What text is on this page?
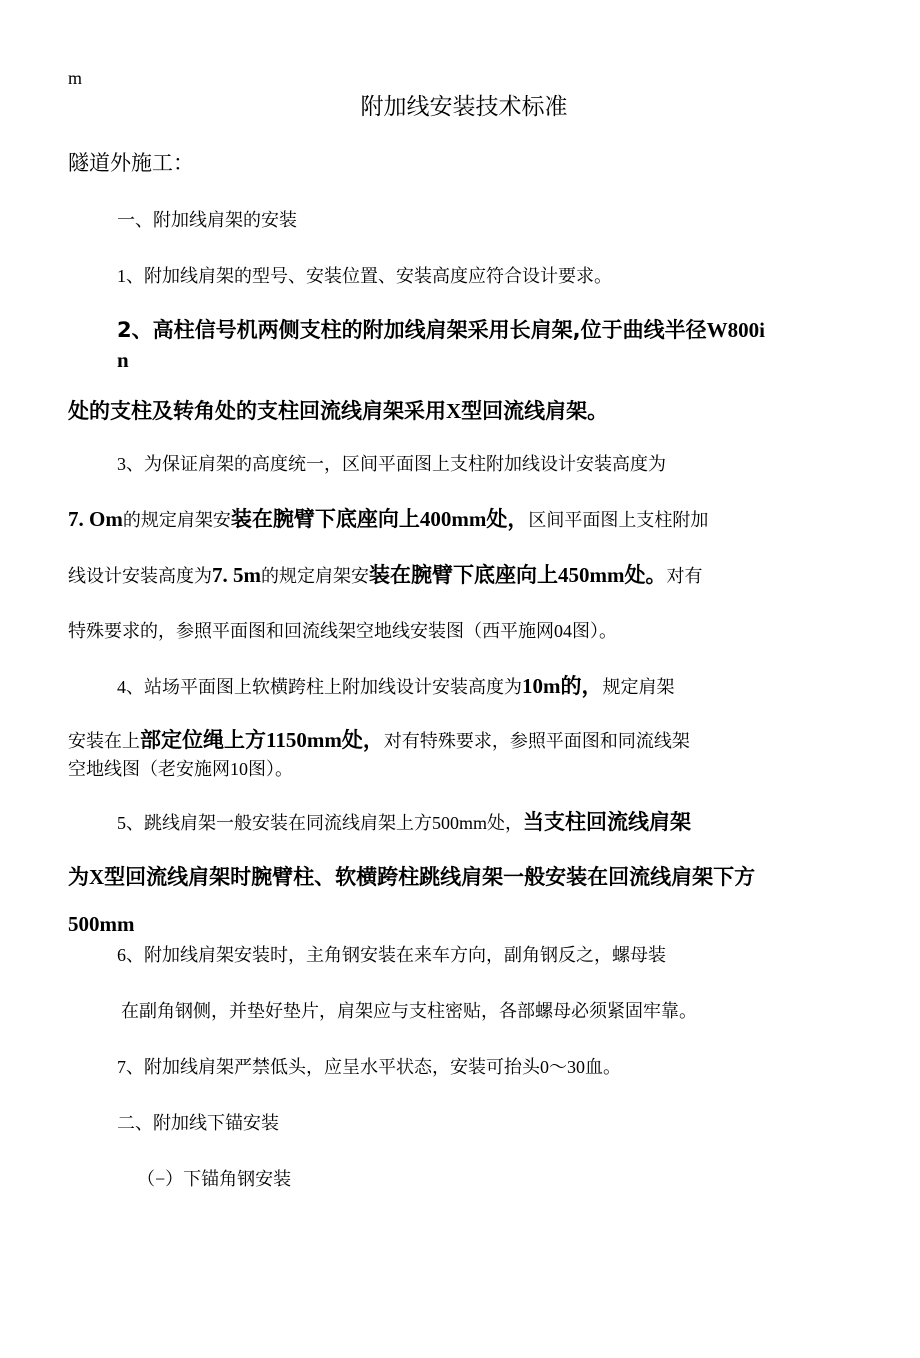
m
附加线安装技术标准
隧道外施工：
一、附加线肩架的安装
1、附加线肩架的型号、安装位置、安装高度应符合设计要求。
2、高柱信号机两侧支柱的附加线肩架采用长肩架,位于曲线半径W800i
n
处的支柱及转角处的支柱回流线肩架采用X型回流线肩架。
3、为保证肩架的高度统一，区间平面图上支柱附加线设计安装高度为
7. Om的规定肩架安装在腕臂下底座向上400mm处，区间平面图上支柱附加
线设计安装高度为7. 5m的规定肩架安装在腕臂下底座向上450mm处。对有
特殊要求的，参照平面图和回流线架空地线安装图（西平施网04图）。
4、站场平面图上软横跨柱上附加线设计安装高度为10m的，规定肩架
安装在上部定位绳上方1150mm处，对有特殊要求，参照平面图和同流线架
空地线图（老安施网10图）。
5、跳线肩架一般安装在同流线肩架上方500mm处，当支柱回流线肩架
为X型回流线肩架时腕臂柱、软横跨柱跳线肩架一般安装在回流线肩架下方
500mm
6、附加线肩架安装时，主角钢安装在来车方向，副角钢反之，螺母装
在副角钢侧，并垫好垫片，肩架应与支柱密贴，各部螺母必须紧固牢靠。
7、附加线肩架严禁低头，应呈水平状态，安装可抬头0～30血。
二、附加线下锚安装
（−）下锚角钢安装
